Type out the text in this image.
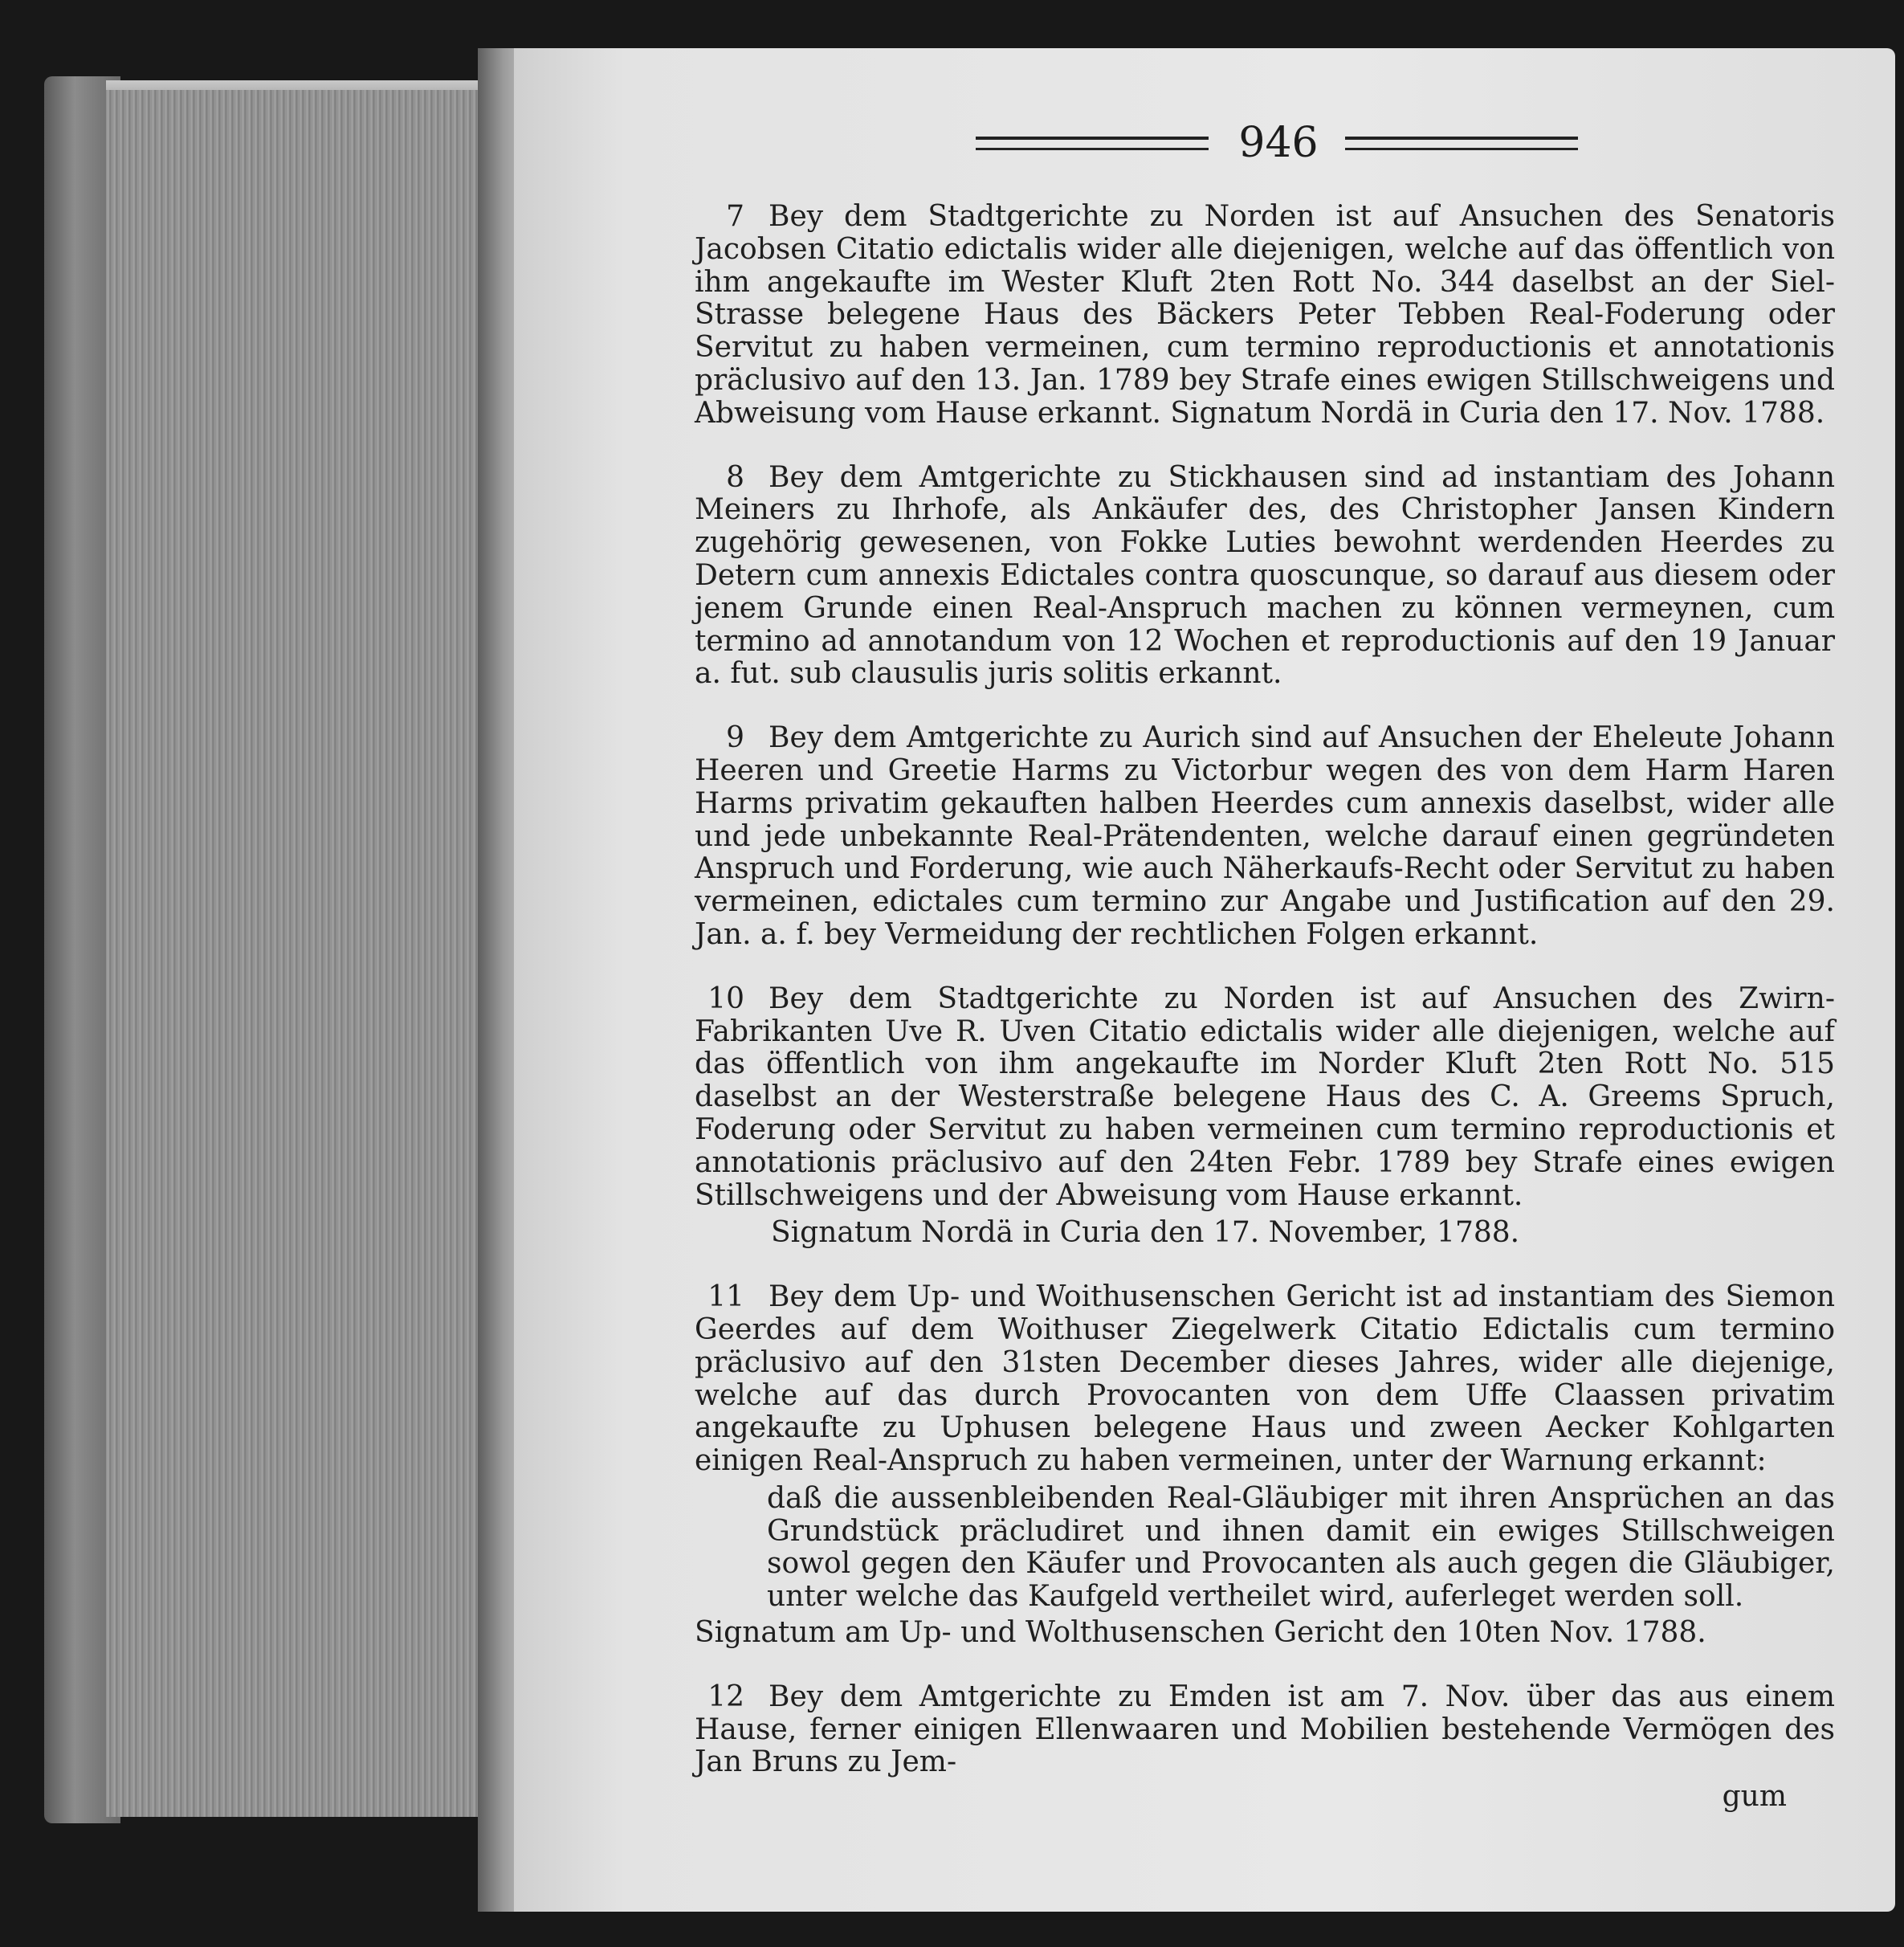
946
7 Bey dem Stadtgerichte zu Norden ist auf Ansuchen des Senatoris Jacobsen Citatio edictalis wider alle diejenigen, welche auf das öffentlich von ihm angekaufte im Wester Kluft 2ten Rott No. 344 daselbst an der Siel-Strasse belegene Haus des Bäckers Peter Tebben Real-Foderung oder Servitut zu haben vermeinen, cum termino reproductionis et annotationis präclusivo auf den 13. Jan. 1789 bey Strafe eines ewigen Stillschweigens und Abweisung vom Hause erkannt. Signatum Nordä in Curia den 17. Nov. 1788.
8 Bey dem Amtgerichte zu Stickhausen sind ad instantiam des Johann Meiners zu Ihrhofe, als Ankäufer des, des Christopher Jansen Kindern zugehörig gewesenen, von Fokke Luties bewohnt werdenden Heerdes zu Detern cum annexis Edictales contra quoscunque, so darauf aus diesem oder jenem Grunde einen Real-Anspruch machen zu können vermeynen, cum termino ad annotandum von 12 Wochen et reproductionis auf den 19 Januar a. fut. sub clausulis juris solitis erkannt.
9 Bey dem Amtgerichte zu Aurich sind auf Ansuchen der Eheleute Johann Heeren und Greetie Harms zu Victorbur wegen des von dem Harm Haren Harms privatim gekauften halben Heerdes cum annexis daselbst, wider alle und jede unbekannte Real-Prätendenten, welche darauf einen gegründeten Anspruch und Forderung, wie auch Näherkaufs-Recht oder Servitut zu haben vermeinen, edictales cum termino zur Angabe und Justification auf den 29. Jan. a. f. bey Vermeidung der rechtlichen Folgen erkannt.
10 Bey dem Stadtgerichte zu Norden ist auf Ansuchen des Zwirn-Fabrikanten Uve R. Uven Citatio edictalis wider alle diejenigen, welche auf das öffentlich von ihm angekaufte im Norder Kluft 2ten Rott No. 515 daselbst an der Westerstraße belegene Haus des C. A. Greems Spruch, Foderung oder Servitut zu haben vermeinen cum termino reproductionis et annotationis präclusivo auf den 24ten Febr. 1789 bey Strafe eines ewigen Stillschweigens und der Abweisung vom Hause erkannt.
Signatum Nordä in Curia den 17. November, 1788.
11 Bey dem Up- und Woithusenschen Gericht ist ad instantiam des Siemon Geerdes auf dem Woithuser Ziegelwerk Citatio Edictalis cum termino präclusivo auf den 31sten December dieses Jahres, wider alle diejenige, welche auf das durch Provocanten von dem Uffe Claassen privatim angekaufte zu Uphusen belegene Haus und zween Aecker Kohlgarten einigen Real-Anspruch zu haben vermeinen, unter der Warnung erkannt:
daß die aussenbleibenden Real-Gläubiger mit ihren Ansprüchen an das Grundstück präcludiret und ihnen damit ein ewiges Stillschweigen sowol gegen den Käufer und Provocanten als auch gegen die Gläubiger, unter welche das Kaufgeld vertheilet wird, auferleget werden soll.
Signatum am Up- und Wolthusenschen Gericht den 10ten Nov. 1788.
12 Bey dem Amtgerichte zu Emden ist am 7. Nov. über das aus einem Hause, ferner einigen Ellenwaaren und Mobilien bestehende Vermögen des Jan Bruns zu Jem-
gum
